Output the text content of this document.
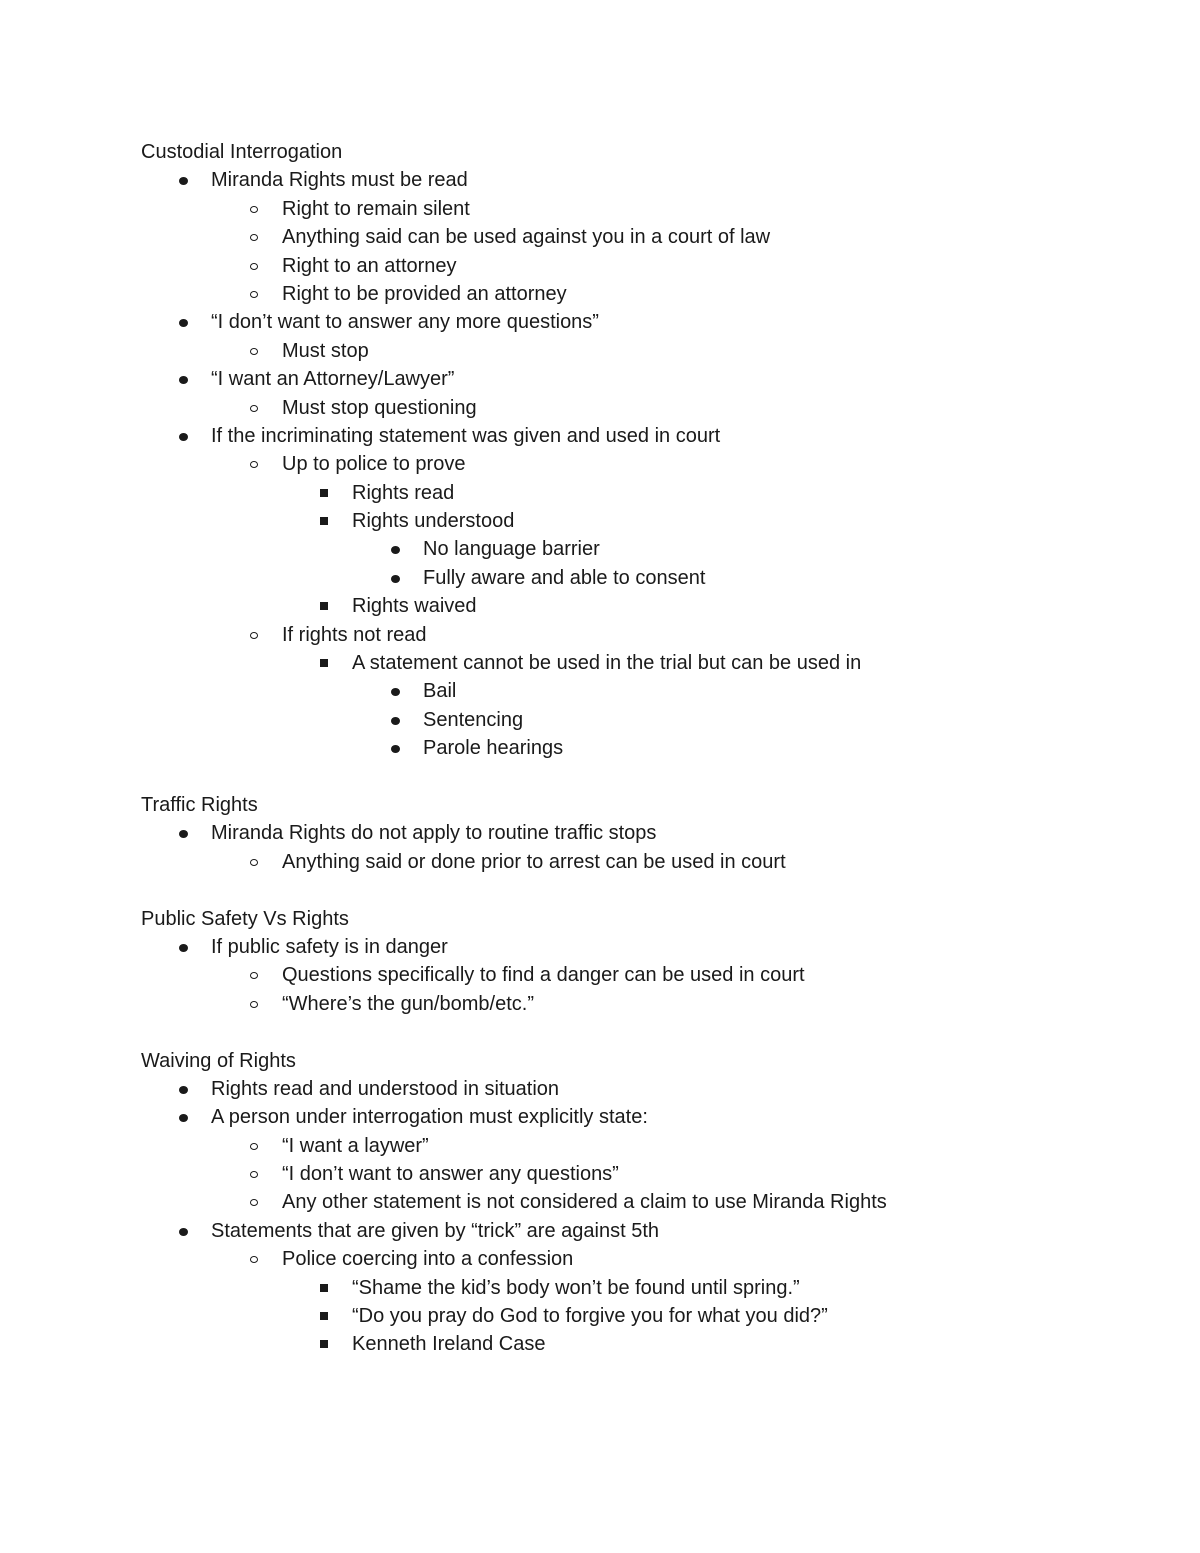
Custodial Interrogation
Miranda Rights must be read
Right to remain silent
Anything said can be used against you in a court of law
Right to an attorney
Right to be provided an attorney
“I don’t want to answer any more questions”
Must stop
“I want an Attorney/Lawyer”
Must stop questioning
If the incriminating statement was given and used in court
Up to police to prove
Rights read
Rights understood
No language barrier
Fully aware and able to consent
Rights waived
If rights not read
A statement cannot be used in the trial but can be used in
Bail
Sentencing
Parole hearings
Traffic Rights
Miranda Rights do not apply to routine traffic stops
Anything said or done prior to arrest can be used in court
Public Safety Vs Rights
If public safety is in danger
Questions specifically to find a danger can be used in court
“Where’s the gun/bomb/etc.”
Waiving of Rights
Rights read and understood in situation
A person under interrogation must explicitly state:
“I want a laywer”
“I don’t want to answer any questions”
Any other statement is not considered a claim to use Miranda Rights
Statements that are given by “trick” are against 5th
Police coercing into a confession
“Shame the kid’s body won’t be found until spring.”
“Do you pray do God to forgive you for what you did?”
Kenneth Ireland Case
